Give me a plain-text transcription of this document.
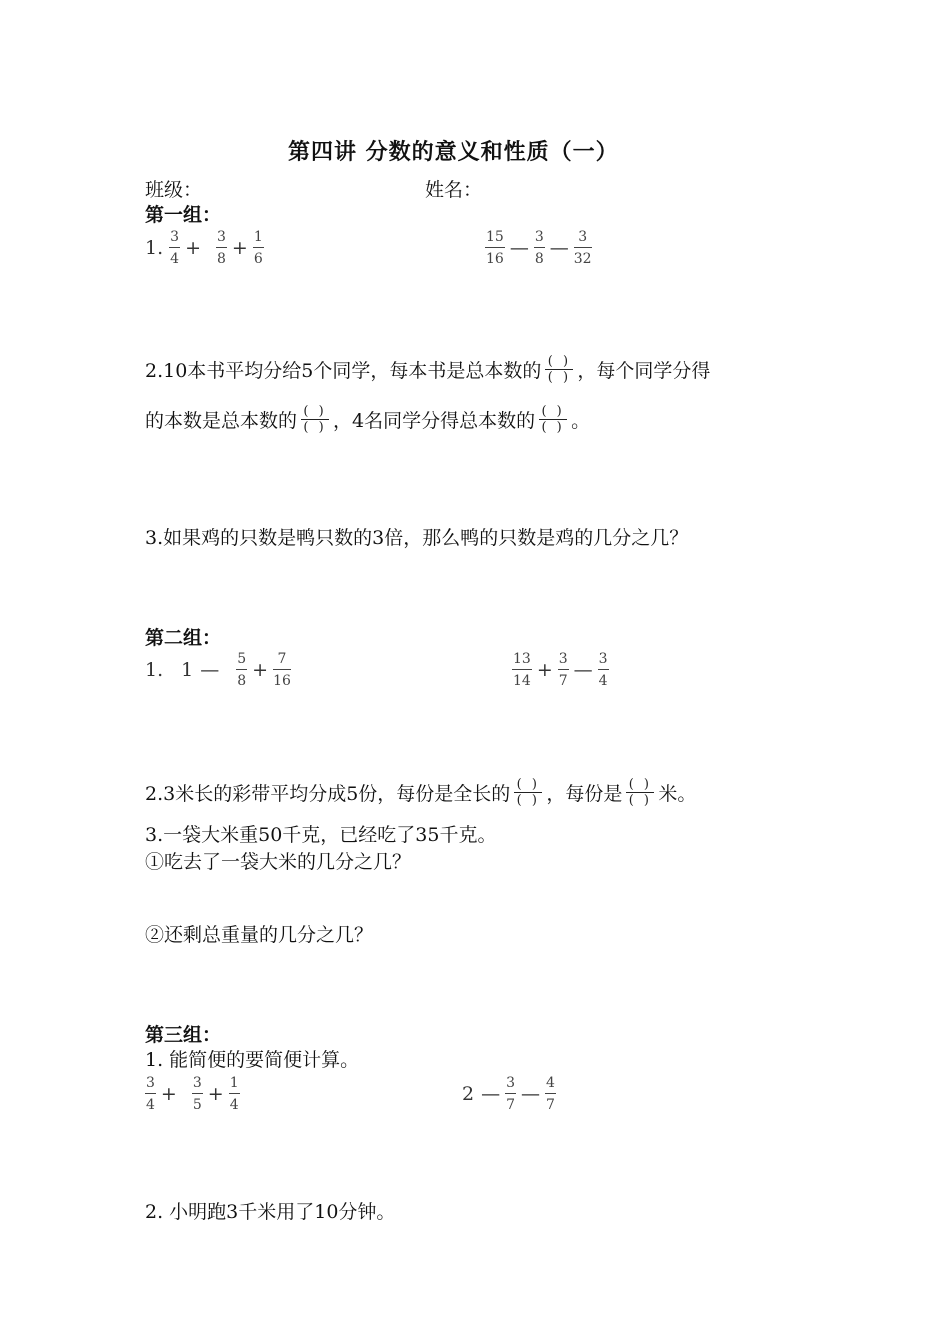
第四讲 分数的意义和性质（一）
班级：	姓名：
第一组：
1. 3
4
+ 3
8
+ 1
6
15
16
— 3
8
— 3
32
2.10本书平均分给5个同学，每本书是总本数的 ( )
( ) ，每个同学分得
的本数是总本数的 ( )
( ) ，4名同学分得总本数的 ( )
( ) 。
3.如果鸡的只数是鸭只数的3倍，那么鸭的只数是鸡的几分之几？
第二组：
1. 1 — 5
8
+ 7
16
13
14
+ 3
7
— 3
4
2.3米长的彩带平均分成5份，每份是全长的 ( )
( ) ，每份是 ( )
( ) 米。
3.一袋大米重50千克，已经吃了35千克。
①吃去了一袋大米的几分之几？
②还剩总重量的几分之几？
第三组：
1. 能简便的要简便计算。
3
4
+ 3
5
+ 1
4	2 — 3
7
— 4
7
2. 小明跑3千米用了10分钟。
